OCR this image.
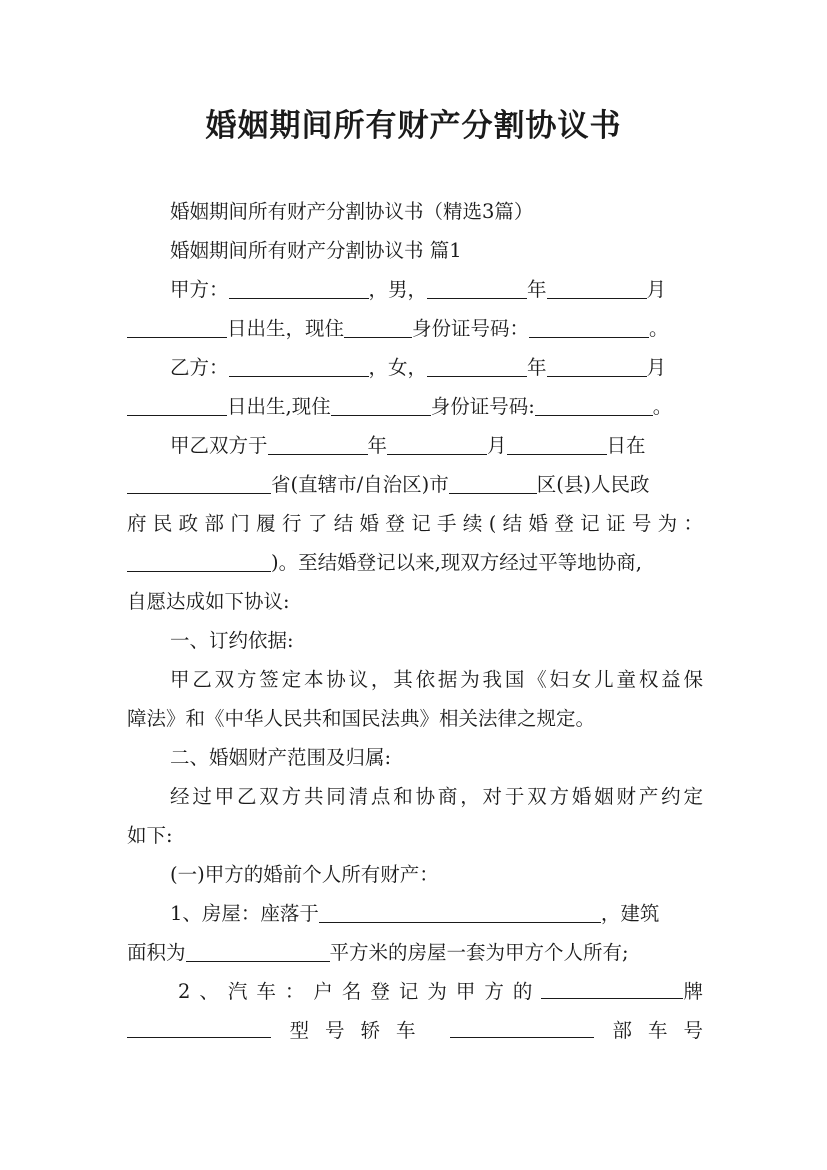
婚姻期间所有财产分割协议书

婚姻期间所有财产分割协议书（精选3篇）

婚姻期间所有财产分割协议书 篇1

甲方：	，男，	年	月

日出生，现住	身份证号码：	。

乙方：	，女，	年	月

日出生,现住	身份证号码:	。

甲乙双方于	年	月	日在

省(直辖市/自治区)市	区(县)人民政

府民政部门履行了结婚登记手续(结婚登记证号为：

)。至结婚登记以来,现双方经过平等地协商,

自愿达成如下协议:

一、订约依据:

甲乙双方签定本协议，其依据为我国《妇女儿童权益保

障法》和《中华人民共和国民法典》相关法律之规定。

二、婚姻财产范围及归属:

经过甲乙双方共同清点和协商，对于双方婚姻财产约定

如下:

(一)甲方的婚前个人所有财产：

1、房屋：座落于	，建筑

面积为	平方米的房屋一套为甲方个人所有;

2、汽车：户名登记为甲方的	牌

型号轿车	部车号
